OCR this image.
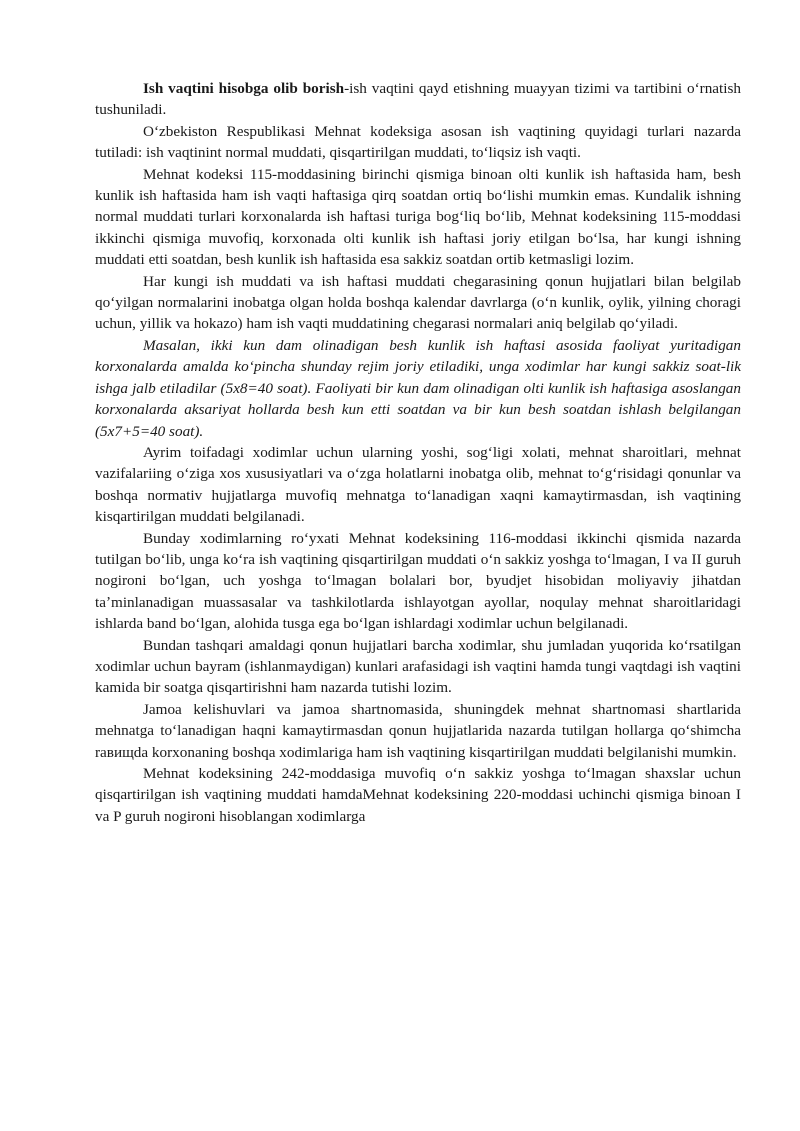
Ish vaqtini hisobga olib borish-ish vaqtini qayd etishning muayyan tizimi va tartibini oʻrnatish tushuniladi.

Oʻzbekiston Respublikasi Mehnat kodeksiga asosan ish vaqtining quyidagi turlari nazarda tutiladi: ish vaqtinint normal muddati, qisqartirilgan muddati, toʻliqsiz ish vaqti.

Mehnat kodeksi 115-moddasining birinchi qismiga binoan olti kunlik ish haftasida ham, besh kunlik ish haftasida ham ish vaqti haftasiga qirq soatdan ortiq boʻlishi mumkin emas. Kundalik ishning normal muddati turlari korxonalarda ish haftasi turiga bogʻliq boʻlib, Mehnat kodeksining 115-moddasi ikkinchi qismiga muvofiq, korxonada olti kunlik ish haftasi joriy etilgan boʻlsa, har kungi ishning muddati etti soatdan, besh kunlik ish haftasida esa sakkiz soatdan ortib ketmasligi lozim.

Har kungi ish muddati va ish haftasi muddati chegarasining qonun hujjatlari bilan belgilab qoʻyilgan normalarini inobatga olgan holda boshqa kalendar davrlarga (oʻn kunlik, oylik, yilning choragi uchun, yillik va hokazo) ham ish vaqti muddatining chegarasi normalari aniq belgilab qoʻyiladi.

Masalan, ikki kun dam olinadigan besh kunlik ish haftasi asosida faoliyat yuritadigan korxonalarda amalda koʻpincha shunday rejim joriy etiladiki, unga xodimlar har kungi sakkiz soat-lik ishga jalb etiladilar (5x8=40 soat). Faoliyati bir kun dam olinadigan olti kunlik ish haftasiga asoslangan korxonalarda aksariyat hollarda besh kun etti soatdan va bir kun besh soatdan ishlash belgilangan (5x7+5=40 soat).

Ayrim toifadagi xodimlar uchun ularning yoshi, sogʻligi xolati, mehnat sharoitlari, mehnat vazifalariing oʻziga xos xususiyatlari va oʻzga holatlarni inobatga olib, mehnat toʻgʻrisidagi qonunlar va boshqa normativ hujjatlarga muvofiq mehnatga toʻlanadigan xaqni kamaytirmasdan, ish vaqtining kisqartirilgan muddati belgilanadi.

Bunday xodimlarning roʻyxati Mehnat kodeksining 116-moddasi ikkinchi qismida nazarda tutilgan boʻlib, unga koʻra ish vaqtining qisqartirilgan muddati oʻn sakkiz yoshga toʻlmagan, I va II guruh nogironi boʻlgan, uch yoshga toʻlmagan bolalari bor, byudjet hisobidan moliyaviy jihatdan taʼminlanadigan muassasalar va tashkilotlarda ishlayotgan ayollar, noqulay mehnat sharoitlaridagi ishlarda band boʻlgan, alohida tusga ega boʻlgan ishlardagi xodimlar uchun belgilanadi.

Bundan tashqari amaldagi qonun hujjatlari barcha xodimlar, shu jumladan yuqorida koʻrsatilgan xodimlar uchun bayram (ishlanmaydigan) kunlari arafasidagi ish vaqtini hamda tungi vaqtdagi ish vaqtini kamida bir soatga qisqartirishni ham nazarda tutishi lozim.

Jamoa kelishuvlari va jamoa shartnomasida, shuningdek mehnat shartnomasi shartlarida mehnatga toʻlanadigan haqni kamaytirmasdan qonun hujjatlarida nazarda tutilgan hollarga qoʻshimcha raвищda korxonaning boshqa xodimlariga ham ish vaqtining kisqartirilgan muddati belgilanishi mumkin.

Mehnat kodeksining 242-moddasiga muvofiq oʻn sakkiz yoshga toʻlmagan shaxslar uchun qisqartirilgan ish vaqtining muddati hamdaMehnat kodeksining 220-moddasi uchinchi qismiga binoan I va P guruh nogironi hisoblangan xodimlarga
